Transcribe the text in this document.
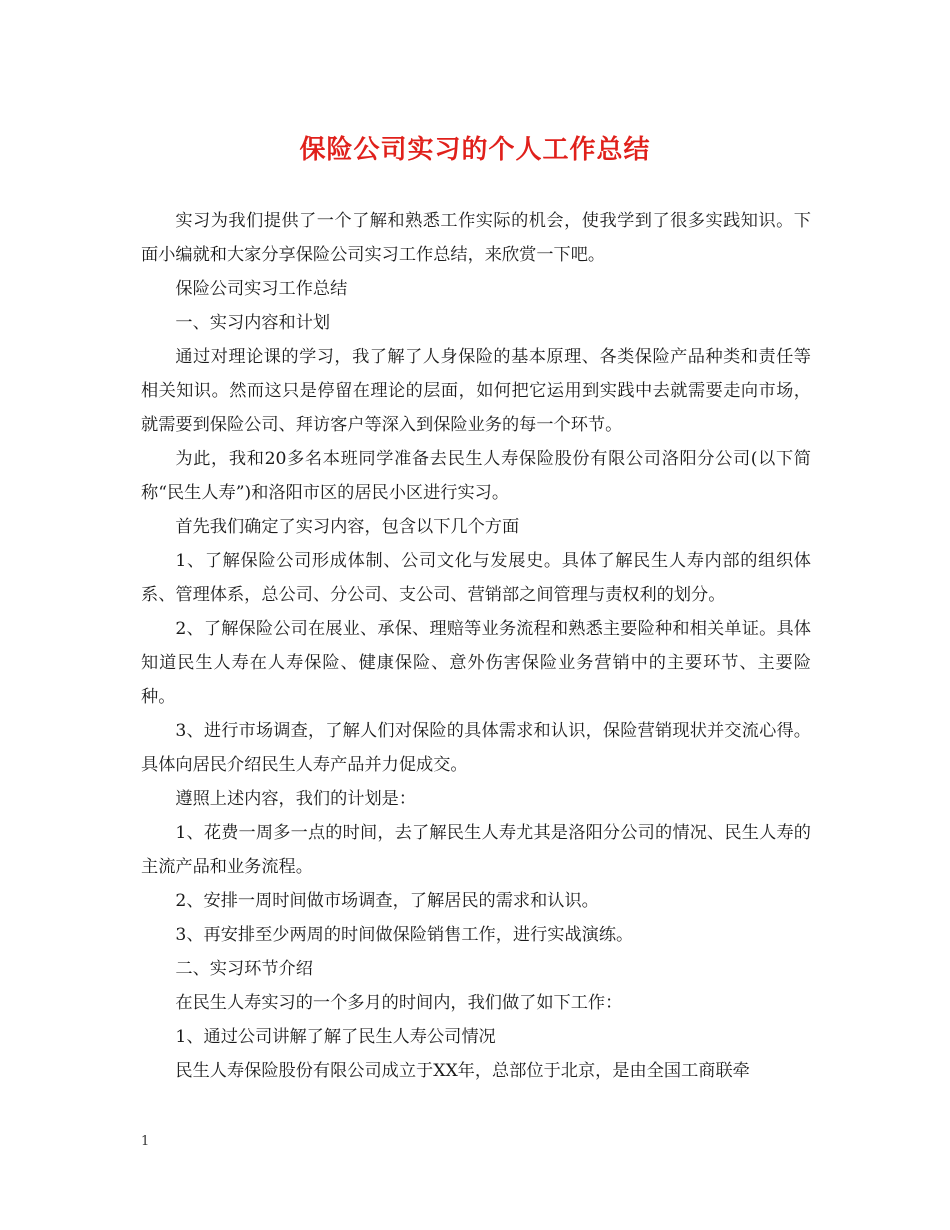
保险公司实习的个人工作总结

实习为我们提供了一个了解和熟悉工作实际的机会，使我学到了很多实践知识。下面小编就和大家分享保险公司实习工作总结，来欣赏一下吧。

保险公司实习工作总结

一、实习内容和计划

通过对理论课的学习，我了解了人身保险的基本原理、各类保险产品种类和责任等相关知识。然而这只是停留在理论的层面，如何把它运用到实践中去就需要走向市场，就需要到保险公司、拜访客户等深入到保险业务的每一个环节。

为此，我和20多名本班同学准备去民生人寿保险股份有限公司洛阳分公司(以下简称“民生人寿”)和洛阳市区的居民小区进行实习。

首先我们确定了实习内容，包含以下几个方面

1、了解保险公司形成体制、公司文化与发展史。具体了解民生人寿内部的组织体系、管理体系，总公司、分公司、支公司、营销部之间管理与责权利的划分。

2、了解保险公司在展业、承保、理赔等业务流程和熟悉主要险种和相关单证。具体知道民生人寿在人寿保险、健康保险、意外伤害保险业务营销中的主要环节、主要险种。

3、进行市场调查，了解人们对保险的具体需求和认识，保险营销现状并交流心得。具体向居民介绍民生人寿产品并力促成交。

遵照上述内容，我们的计划是：

1、花费一周多一点的时间，去了解民生人寿尤其是洛阳分公司的情况、民生人寿的主流产品和业务流程。

2、安排一周时间做市场调查，了解居民的需求和认识。

3、再安排至少两周的时间做保险销售工作，进行实战演练。

二、实习环节介绍

在民生人寿实习的一个多月的时间内，我们做了如下工作：

1、通过公司讲解了解了民生人寿公司情况

民生人寿保险股份有限公司成立于XX年，总部位于北京，是由全国工商联牵

1
